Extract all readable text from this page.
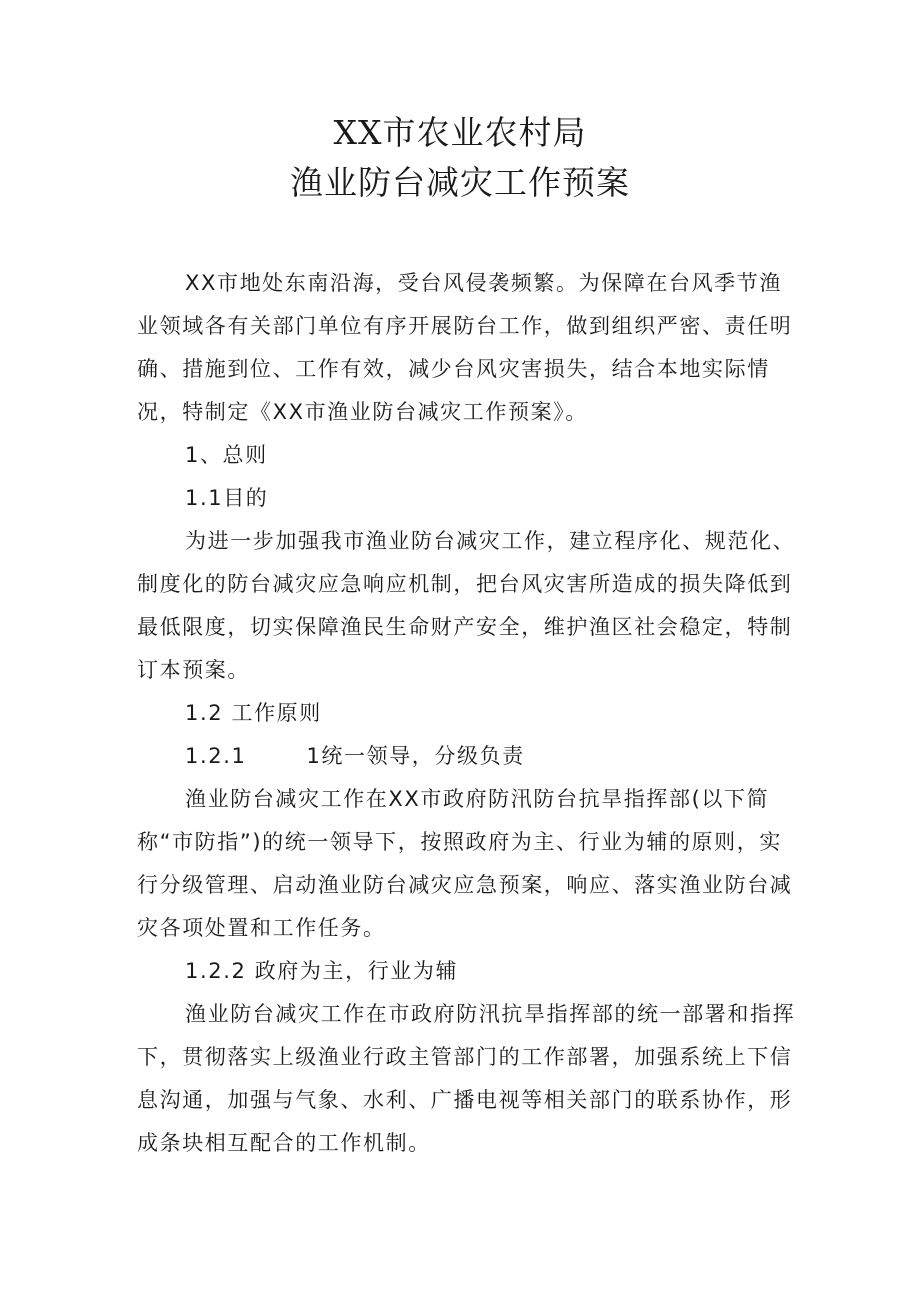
XX市农业农村局
渔业防台减灾工作预案

XX市地处东南沿海，受台风侵袭频繁。为保障在台风季节渔业领域各有关部门单位有序开展防台工作，做到组织严密、责任明确、措施到位、工作有效，减少台风灾害损失，结合本地实际情况，特制定《XX市渔业防台减灾工作预案》。

1、总则

1.1目的

为进一步加强我市渔业防台减灾工作，建立程序化、规范化、制度化的防台减灾应急响应机制，把台风灾害所造成的损失降低到最低限度，切实保障渔民生命财产安全，维护渔区社会稳定，特制订本预案。

1.2 工作原则

1.2.1	1统一领导，分级负责

渔业防台减灾工作在XX市政府防汛防台抗旱指挥部(以下简称“市防指”)的统一领导下，按照政府为主、行业为辅的原则，实行分级管理、启动渔业防台减灾应急预案，响应、落实渔业防台减灾各项处置和工作任务。

1.2.2 政府为主，行业为辅

渔业防台减灾工作在市政府防汛抗旱指挥部的统一部署和指挥下，贯彻落实上级渔业行政主管部门的工作部署，加强系统上下信息沟通，加强与气象、水利、广播电视等相关部门的联系协作，形成条块相互配合的工作机制。
